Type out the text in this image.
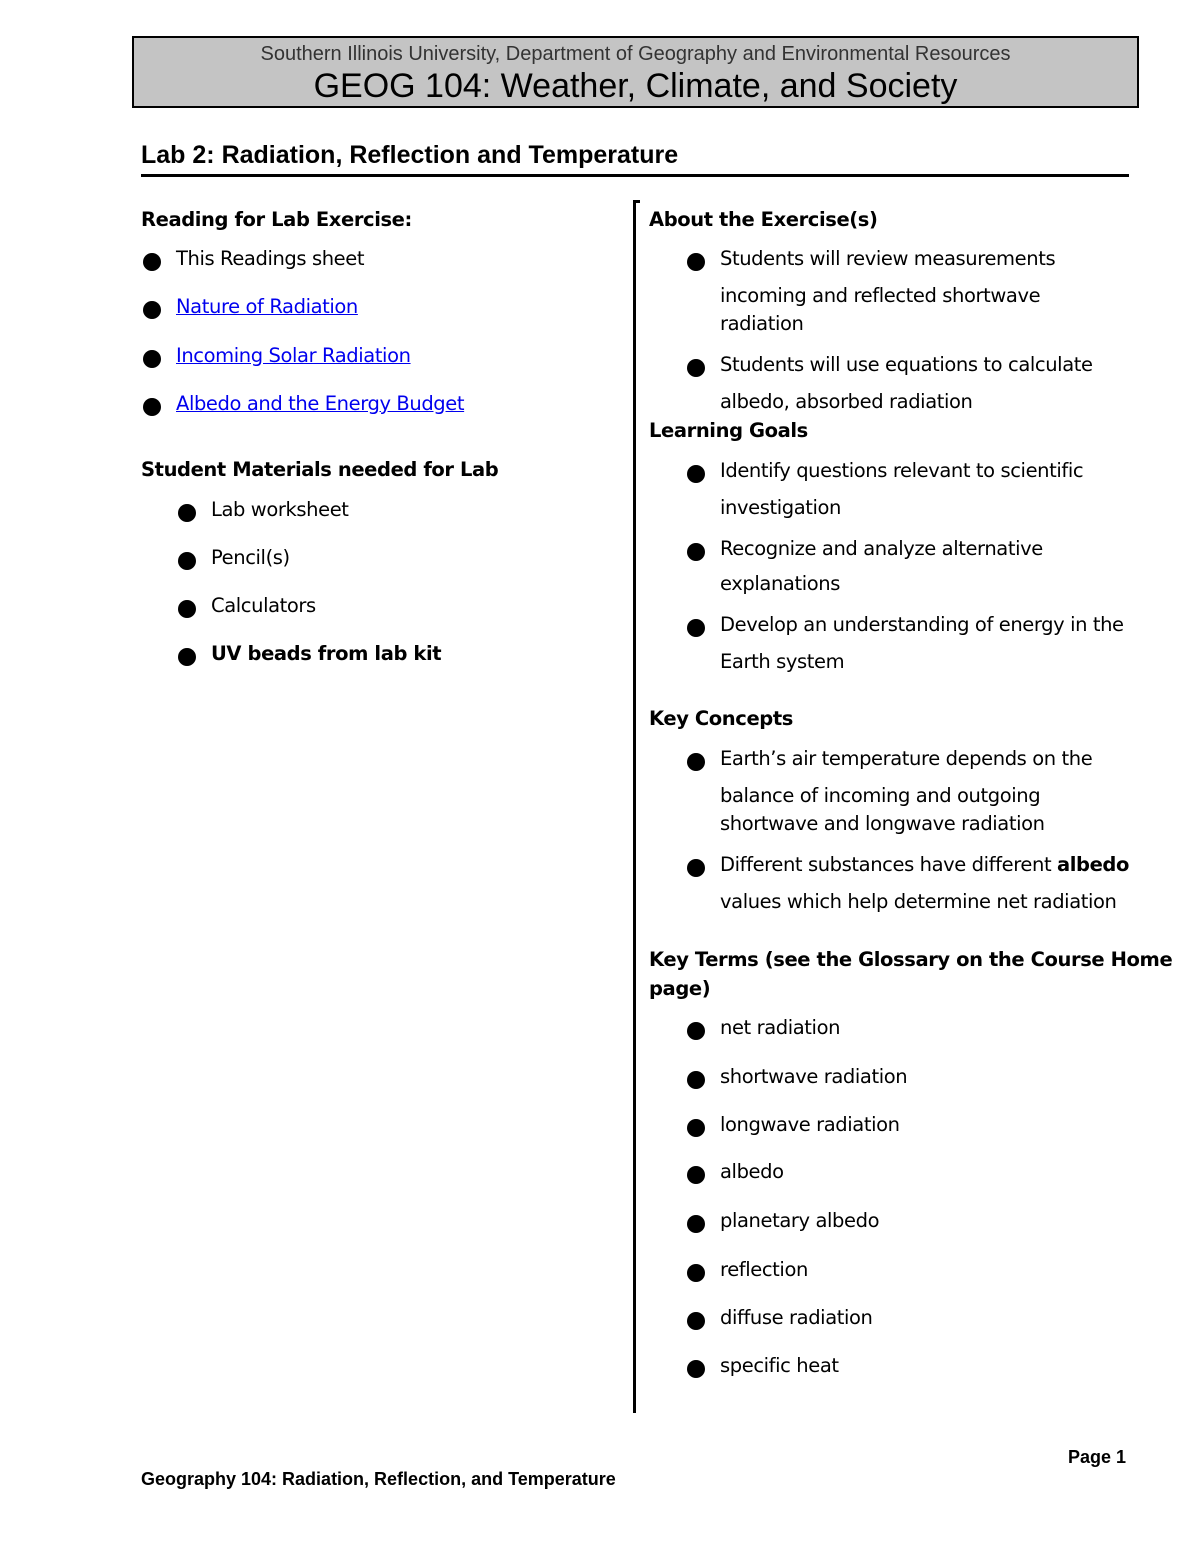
Southern Illinois University, Department of Geography and Environmental Resources
GEOG 104: Weather, Climate, and Society
Lab 2: Radiation, Reflection and Temperature
Reading for Lab Exercise:
This Readings sheet
Nature of Radiation
Incoming Solar Radiation
Albedo and the Energy Budget
Student Materials needed for Lab
Lab worksheet
Pencil(s)
Calculators
UV beads from lab kit
About the Exercise(s)
Students will review measurements
incoming and reflected shortwave
radiation
Students will use equations to calculate
albedo, absorbed radiation
Learning Goals
Identify questions relevant to scientific
investigation
Recognize and analyze alternative
explanations
Develop an understanding of energy in the
Earth system
Key Concepts
Earth’s air temperature depends on the
balance of incoming and outgoing
shortwave and longwave radiation
Different substances have different albedo
values which help determine net radiation
Key Terms (see the Glossary on the Course Home
page)
net radiation
shortwave radiation
longwave radiation
albedo
planetary albedo
reflection
diffuse radiation
specific heat
Page 1
Geography 104: Radiation, Reflection, and Temperature
